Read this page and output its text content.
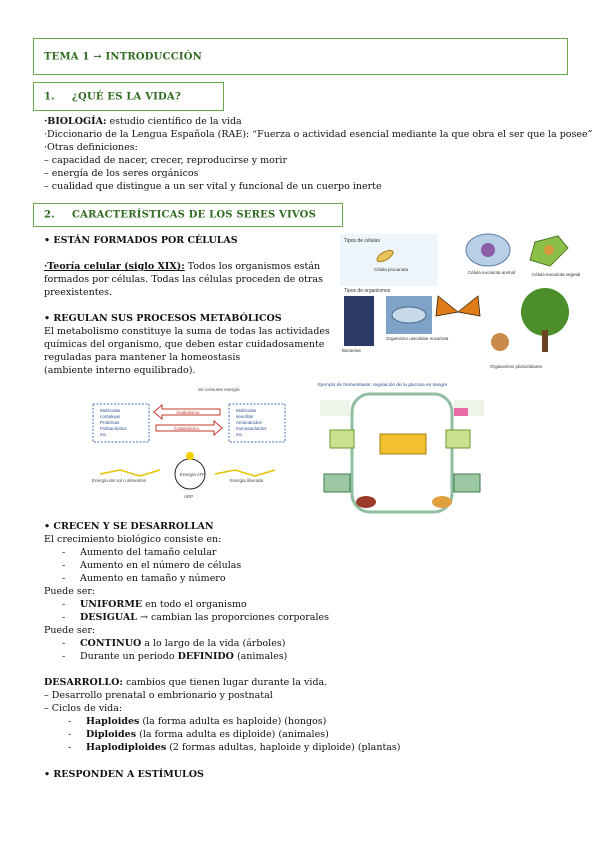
TEMA 1 → INTRODUCCIÓN
1. ¿QUÉ ES LA VIDA?
·BIOLOGÍA: estudio científico de la vida
·Diccionario de la Lengua Española (RAE): “Fuerza o actividad esencial mediante la que obra el ser que la posee”
·Otras definiciones:
– capacidad de nacer, crecer, reproducirse y morir
– energía de los seres orgánicos
– cualidad que distingue a un ser vital y funcional de un cuerpo inerte
2. CARACTERÍSTICAS DE LOS SERES VIVOS
• ESTÁN FORMADOS POR CÉLULAS
·Teoría celular (siglo XIX): Todos los organismos están
formados por células. Todas las células proceden de otras
preexistentes.
Tipos de células
Célula procariota
Célula eucariota animal	Célula eucariota vegetal
Tipos de organismos
Bacterias
Organismo unicelular eucariota
Organismos pluricelulares
• REGULAN SUS PROCESOS METABÓLICOS
El metabolismo constituye la suma de todas las actividades
químicas del organismo, que deben estar cuidadosamente
reguladas para mantener la homeostasis
(ambiente interno equilibrado).
Se consume energía
Moléculas
complejas
Proteínas
Polisacáridos
etc.
Moléculas
sencillas
Aminoácidos
monosacáridos
etc.
Anabolismo
Catabolismo
Energía del sol o alimentos
Energía ATP
ADP
Energía liberada
Ejemplo de homeostasis: regulación de la glucosa en sangre
• CRECEN Y SE DESARROLLAN
El crecimiento biológico consiste en:
- Aumento del tamaño celular
- Aumento en el número de células
- Aumento en tamaño y número
Puede ser:
- UNIFORME en todo el organismo
- DESIGUAL → cambian las proporciones corporales
Puede ser:
- CONTINUO a lo largo de la vida (árboles)
- Durante un periodo DEFINIDO (animales)
DESARROLLO: cambios que tienen lugar durante la vida.
– Desarrollo prenatal o embrionario y postnatal
– Ciclos de vida:
- Haploides (la forma adulta es haploide) (hongos)
- Diploides (la forma adulta es diploide) (animales)
- Haplodiploides (2 formas adultas, haploide y diploide) (plantas)
• RESPONDEN A ESTÍMULOS
